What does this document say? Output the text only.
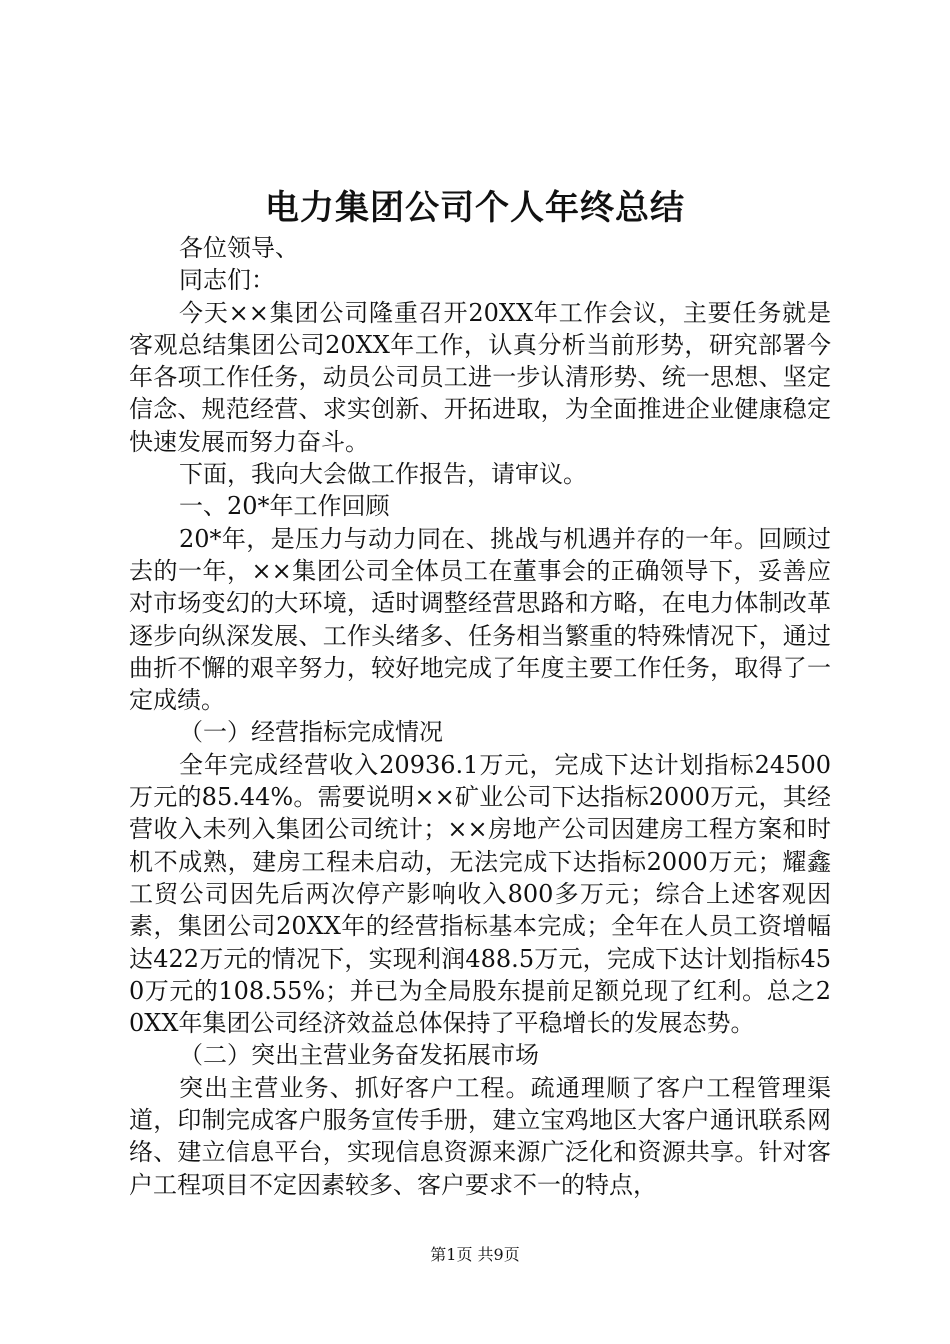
电力集团公司个人年终总结

各位领导、

同志们：

今天××集团公司隆重召开20XX年工作会议，主要任务就是客观总结集团公司20XX年工作，认真分析当前形势，研究部署今年各项工作任务，动员公司员工进一步认清形势、统一思想、坚定信念、规范经营、求实创新、开拓进取，为全面推进企业健康稳定快速发展而努力奋斗。

下面，我向大会做工作报告，请审议。

一、20*年工作回顾

20*年，是压力与动力同在、挑战与机遇并存的一年。回顾过去的一年，××集团公司全体员工在董事会的正确领导下，妥善应对市场变幻的大环境，适时调整经营思路和方略，在电力体制改革逐步向纵深发展、工作头绪多、任务相当繁重的特殊情况下，通过曲折不懈的艰辛努力，较好地完成了年度主要工作任务，取得了一定成绩。

（一）经营指标完成情况

全年完成经营收入20936.1万元，完成下达计划指标24500万元的85.44%。需要说明××矿业公司下达指标2000万元，其经营收入未列入集团公司统计；××房地产公司因建房工程方案和时机不成熟，建房工程未启动，无法完成下达指标2000万元；耀鑫工贸公司因先后两次停产影响收入800多万元；综合上述客观因素，集团公司20XX年的经营指标基本完成；全年在人员工资增幅达422万元的情况下，实现利润488.5万元，完成下达计划指标450万元的108.55%；并已为全局股东提前足额兑现了红利。总之20XX年集团公司经济效益总体保持了平稳增长的发展态势。

（二）突出主营业务奋发拓展市场

突出主营业务、抓好客户工程。疏通理顺了客户工程管理渠道，印制完成客户服务宣传手册，建立宝鸡地区大客户通讯联系网络、建立信息平台，实现信息资源来源广泛化和资源共享。针对客户工程项目不定因素较多、客户要求不一的特点，

第1页 共9页
